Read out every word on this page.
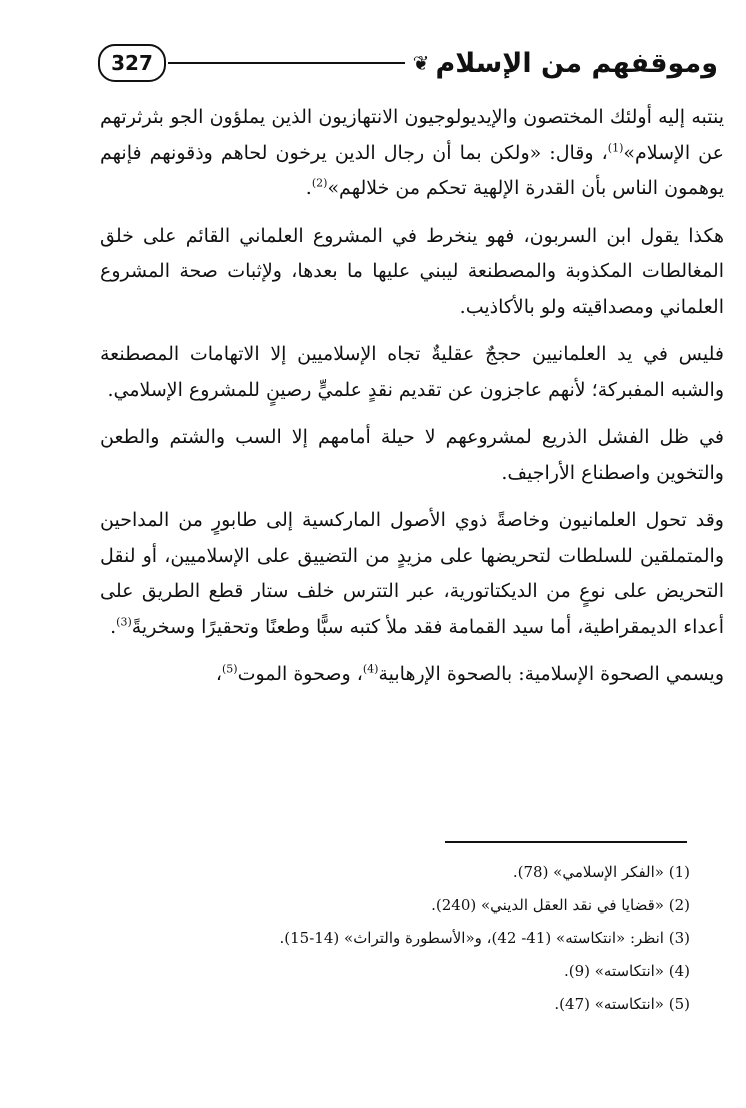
وموقفهم من الإسلام
❦
327

ينتبه إليه أولئك المختصون والإيديولوجيون الانتهازيون الذين يملؤون الجو بثرثرتهم عن الإسلام»$^{(1)}$، وقال: «ولكن بما أن رجال الدين يرخون لحاهم وذقونهم فإنهم يوهمون الناس بأن القدرة الإلهية تحكم من خلالهم»$^{(2)}$.

هكذا يقول ابن السربون، فهو ينخرط في المشروع العلماني القائم على خلق المغالطات المكذوبة والمصطنعة ليبني عليها ما بعدها، ولإثبات صحة المشروع العلماني ومصداقيته ولو بالأكاذيب.

فليس في يد العلمانيين حججٌ عقليةٌ تجاه الإسلاميين إلا الاتهامات المصطنعة والشبه المفبركة؛ لأنهم عاجزون عن تقديم نقدٍ علميٍّ رصينٍ للمشروع الإسلامي.

في ظل الفشل الذريع لمشروعهم لا حيلة أمامهم إلا السب والشتم والطعن والتخوين واصطناع الأراجيف.

وقد تحول العلمانيون وخاصةً ذوي الأصول الماركسية إلى طابورٍ من المداحين والمتملقين للسلطات لتحريضها على مزيدٍ من التضييق على الإسلاميين، أو لنقل التحريض على نوعٍ من الديكتاتورية، عبر التترس خلف ستار قطع الطريق على أعداء الديمقراطية، أما سيد القمامة فقد ملأ كتبه سبًّا وطعنًا وتحقيرًا وسخريةً$^{(3)}$.

ويسمي الصحوة الإسلامية: بالصحوة الإرهابية$^{(4)}$، وصحوة الموت$^{(5)}$،

(1) «الفكر الإسلامي» (78).
(2) «قضايا في نقد العقل الديني» (240).
(3) انظر: «انتكاسته» (41- 42)، و«الأسطورة والتراث» (14-15).
(4) «انتكاسته» (9).
(5) «انتكاسته» (47).
